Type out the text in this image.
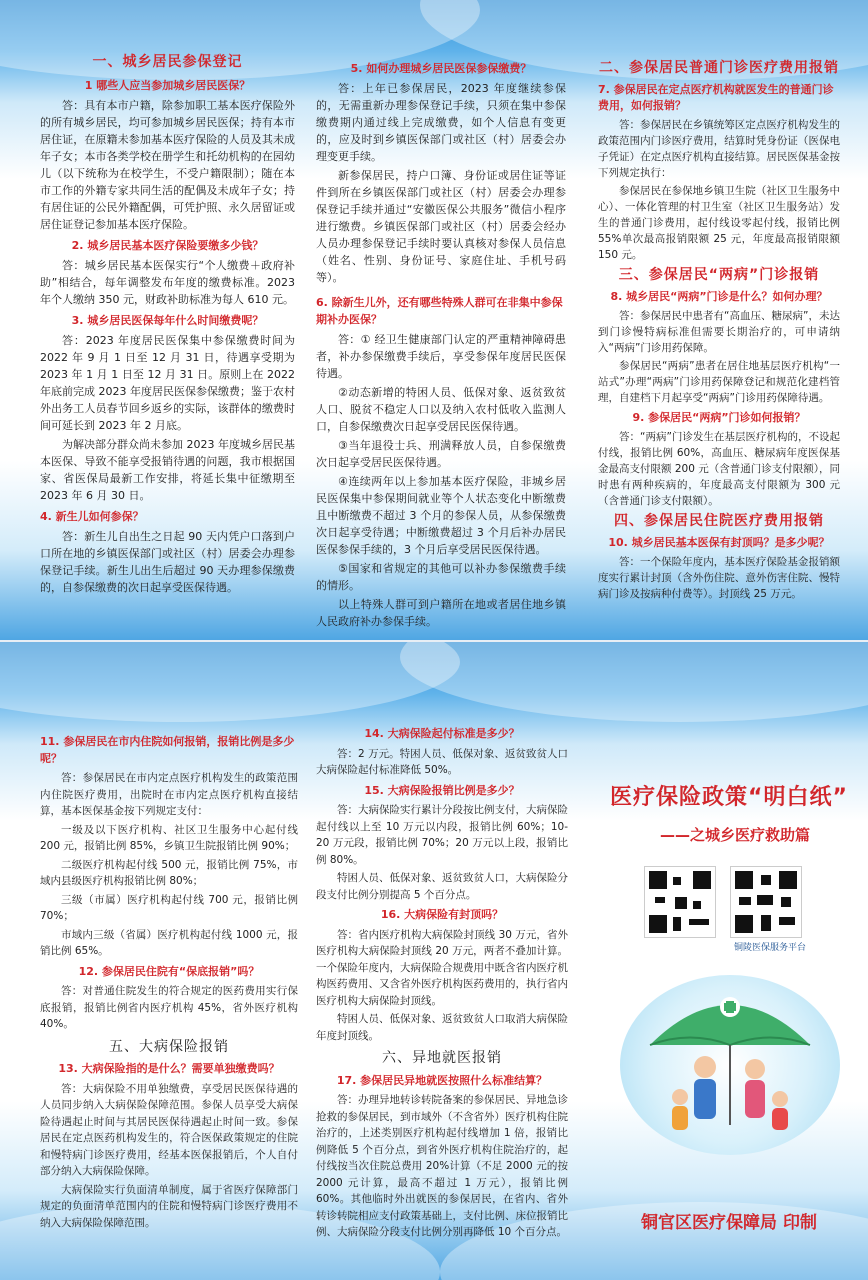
一、城乡居民参保登记
1 哪些人应当参加城乡居民医保？

答：具有本市户籍，除参加职工基本医疗保险外的所有城乡居民，均可参加城乡居民医保；持有本市居住证，在原籍未参加基本医疗保险的人员及其未成年子女；本市各类学校在册学生和托幼机构的在园幼儿（以下统称为在校学生，不受户籍限制）；随在本市工作的外籍专家共同生活的配偶及未成年子女；持有居住证的公民外籍配偶，可凭护照、永久居留证或居住证登记参加基本医疗保险。

2. 城乡居民基本医疗保险要缴多少钱？

答：城乡居民基本医保实行“个人缴费＋政府补助”相结合，每年调整发布年度的缴费标准。2023 年个人缴纳 350 元，财政补助标准为每人 610 元。

3. 城乡居民医保每年什么时间缴费呢？

答：2023 年度居民医保集中参保缴费时间为 2022 年 9 月 1 日至 12 月 31 日，待遇享受期为 2023 年 1 月 1 日至 12 月 31 日。原则上在 2022 年底前完成 2023 年度居民医保参保缴费；鉴于农村外出务工人员春节回乡返乡的实际，该群体的缴费时间可延长到 2023 年 2 月底。

为解决部分群众尚未参加 2023 年度城乡居民基本医保、导致不能享受报销待遇的问题，我市根据国家、省医保局最新工作安排，将延长集中征缴期至 2023 年 6 月 30 日。

4. 新生儿如何参保？

答：新生儿自出生之日起 90 天内凭户口落到户口所在地的乡镇医保部门或社区（村）居委会办理参保登记手续。新生儿出生后超过 90 天办理参保缴费的，自参保缴费的次日起享受医保待遇。

5. 如何办理城乡居民医保参保缴费？

答：上年已参保居民，2023 年度继续参保的，无需重新办理参保登记手续，只须在集中参保缴费期内通过线上完成缴费，如个人信息有变更的，应及时到乡镇医保部门或社区（村）居委会办理变更手续。

新参保居民，持户口簿、身份证或居住证等证件到所在乡镇医保部门或社区（村）居委会办理参保登记手续并通过“安徽医保公共服务”微信小程序进行缴费。乡镇医保部门或社区（村）居委会经办人员办理参保登记手续时要认真核对参保人员信息（姓名、性别、身份证号、家庭住址、手机号码等）。

6. 除新生儿外，还有哪些特殊人群可在非集中参保期补办医保？

答：① 经卫生健康部门认定的严重精神障碍患者，补办参保缴费手续后，享受参保年度居民医保待遇。

②动态新增的特困人员、低保对象、返贫致贫人口、脱贫不稳定人口以及纳入农村低收入监测人口，自参保缴费次日起享受居民医保待遇。

③当年退役士兵、刑满释放人员，自参保缴费次日起享受居民医保待遇。

④连续两年以上参加基本医疗保险，非城乡居民医保集中参保期间就业等个人状态变化中断缴费且中断缴费不超过 3 个月的参保人员，从参保缴费次日起享受待遇；中断缴费超过 3 个月后补办居民医保参保手续的，3 个月后享受居民医保待遇。

⑤国家和省规定的其他可以补办参保缴费手续的情形。

以上特殊人群可到户籍所在地或者居住地乡镇人民政府补办参保手续。

二、参保居民普通门诊医疗费用报销
7. 参保居民在定点医疗机构就医发生的普通门诊费用，如何报销？

答：参保居民在乡镇统筹区定点医疗机构发生的政策范围内门诊医疗费用，结算时凭身份证（医保电子凭证）在定点医疗机构直接结算。居民医保基金按下列规定执行：

参保居民在参保地乡镇卫生院（社区卫生服务中心）、一体化管理的村卫生室（社区卫生服务站）发生的普通门诊费用，起付线设零起付线，报销比例 55%单次最高报销限额 25 元，年度最高报销限额 150 元。

三、参保居民“两病”门诊报销
8. 城乡居民“两病”门诊是什么？如何办理？

答：参保居民中患者有“高血压、糖尿病”，未达到门诊慢特病标准但需要长期治疗的，可申请纳入“两病”门诊用药保障。

参保居民“两病”患者在居住地基层医疗机构“一站式”办理“两病”门诊用药保障登记和规范化建档管理，自建档下月起享受“两病”门诊用药保障待遇。

9. 参保居民“两病”门诊如何报销？

答：“两病”门诊发生在基层医疗机构的，不设起付线，报销比例 60%，高血压、糖尿病年度医保基金最高支付限额 200 元（含普通门诊支付限额），同时患有两种疾病的，年度最高支付限额为 300 元（含普通门诊支付限额）。

四、参保居民住院医疗费用报销
10. 城乡居民基本医保有封顶吗？是多少呢？

答：一个保险年度内，基本医疗保险基金报销额度实行累计封顶（含外伤住院、意外伤害住院、慢特病门诊及按病种付费等）。封顶线 25 万元。

11. 参保居民在市内住院如何报销，报销比例是多少呢？

答：参保居民在市内定点医疗机构发生的政策范围内住院医疗费用，出院时在市内定点医疗机构直接结算，基本医保基金按下列规定支付：

一级及以下医疗机构、社区卫生服务中心起付线 200 元，报销比例 85%，乡镇卫生院报销比例 90%；

二级医疗机构起付线 500 元，报销比例 75%，市域内县级医疗机构报销比例 80%；

三级（市属）医疗机构起付线 700 元，报销比例 70%；

市域内三级（省属）医疗机构起付线 1000 元，报销比例 65%。

12. 参保居民住院有“保底报销”吗？

答：对普通住院发生的符合规定的医药费用实行保底报销，报销比例省内医疗机构 45%，省外医疗机构 40%。

五、大病保险报销
13. 大病保险指的是什么？需要单独缴费吗？

答：大病保险不用单独缴费，享受居民医保待遇的人员同步纳入大病保险保障范围。参保人员享受大病保险待遇起止时间与其居民医保待遇起止时间一致。参保居民在定点医药机构发生的，符合医保政策规定的住院和慢特病门诊医疗费用，经基本医保报销后，个人自付部分纳入大病保险保障。

大病保险实行负面清单制度，属于省医疗保障部门规定的负面清单范围内的住院和慢特病门诊医疗费用不纳入大病保险保障范围。

14. 大病保险起付标准是多少？

答：2 万元。特困人员、低保对象、返贫致贫人口大病保险起付标准降低 50%。

15. 大病保险报销比例是多少？

答：大病保险实行累计分段按比例支付，大病保险起付线以上至 10 万元以内段，报销比例 60%；10-20 万元段，报销比例 70%；20 万元以上段，报销比例 80%。

特困人员、低保对象、返贫致贫人口，大病保险分段支付比例分别提高 5 个百分点。

16. 大病保险有封顶吗？

答：省内医疗机构大病保险封顶线 30 万元，省外医疗机构大病保险封顶线 20 万元，两者不叠加计算。一个保险年度内，大病保险合规费用中既含省内医疗机构医药费用、又含省外医疗机构医药费用的，执行省内医疗机构大病保险封顶线。

特困人员、低保对象、返贫致贫人口取消大病保险年度封顶线。

六、异地就医报销
17. 参保居民异地就医按照什么标准结算？

答：办理异地转诊转院备案的参保居民、异地急诊抢救的参保居民，到市域外（不含省外）医疗机构住院治疗的，上述类别医疗机构起付线增加 1 倍，报销比例降低 5 个百分点，到省外医疗机构住院治疗的，起付线按当次住院总费用 20%计算（不足 2000 元的按 2000 元计算，最高不超过 1 万元），报销比例 60%。其他临时外出就医的参保居民，在省内、省外转诊转院相应支付政策基础上，支付比例、床位报销比例、大病保险分段支付比例分别再降低 10 个百分点。

医疗保险政策“明白纸”
——之城乡医疗救助篇
铜陵医保服务平台
铜官区医疗保障局 印制
